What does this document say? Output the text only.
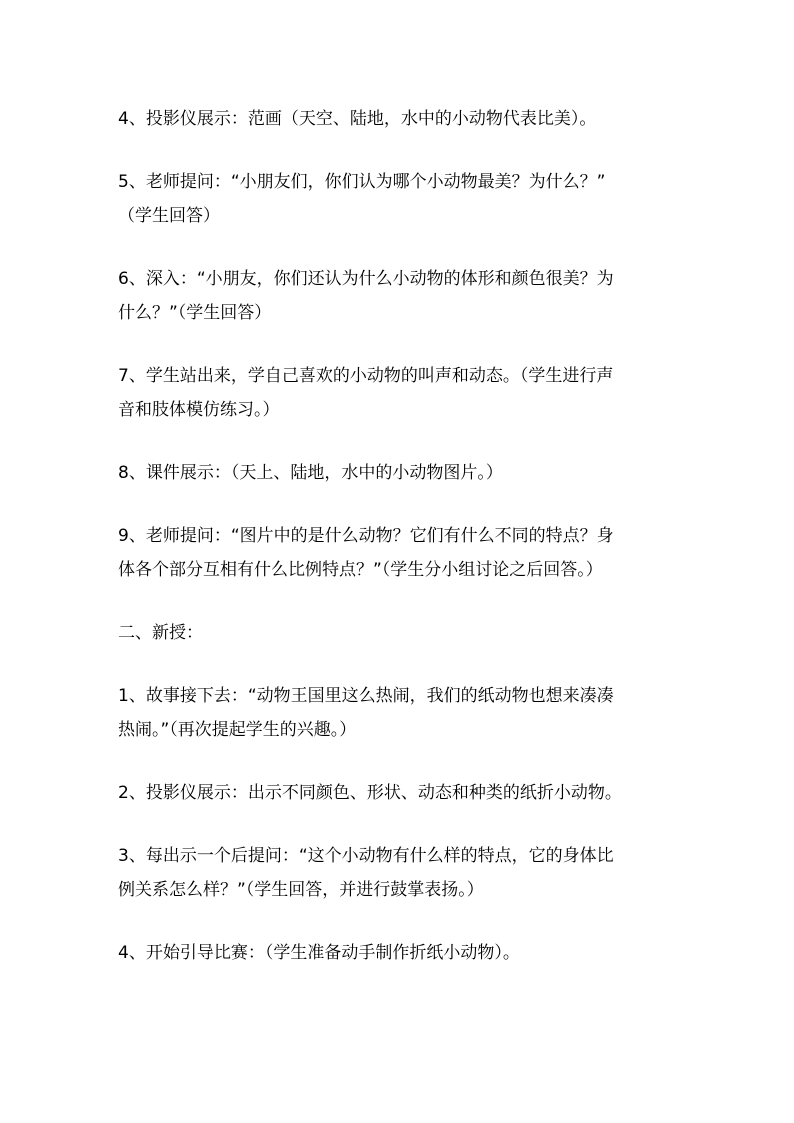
4、投影仪展示：范画（天空、陆地，水中的小动物代表比美）。

5、老师提问：“小朋友们，你们认为哪个小动物最美？为什么？”
（学生回答）

6、深入：“小朋友，你们还认为什么小动物的体形和颜色很美？为
什么？”（学生回答）

7、学生站出来，学自己喜欢的小动物的叫声和动态。（学生进行声
音和肢体模仿练习。）

8、课件展示：（天上、陆地，水中的小动物图片。）

9、老师提问：“图片中的是什么动物？它们有什么不同的特点？身
体各个部分互相有什么比例特点？”（学生分小组讨论之后回答。）

二、新授：

1、故事接下去：“动物王国里这么热闹，我们的纸动物也想来凑凑
热闹。”（再次提起学生的兴趣。）

2、投影仪展示：出示不同颜色、形状、动态和种类的纸折小动物。

3、每出示一个后提问：“这个小动物有什么样的特点，它的身体比
例关系怎么样？”（学生回答，并进行鼓掌表扬。）

4、开始引导比赛：（学生准备动手制作折纸小动物）。
